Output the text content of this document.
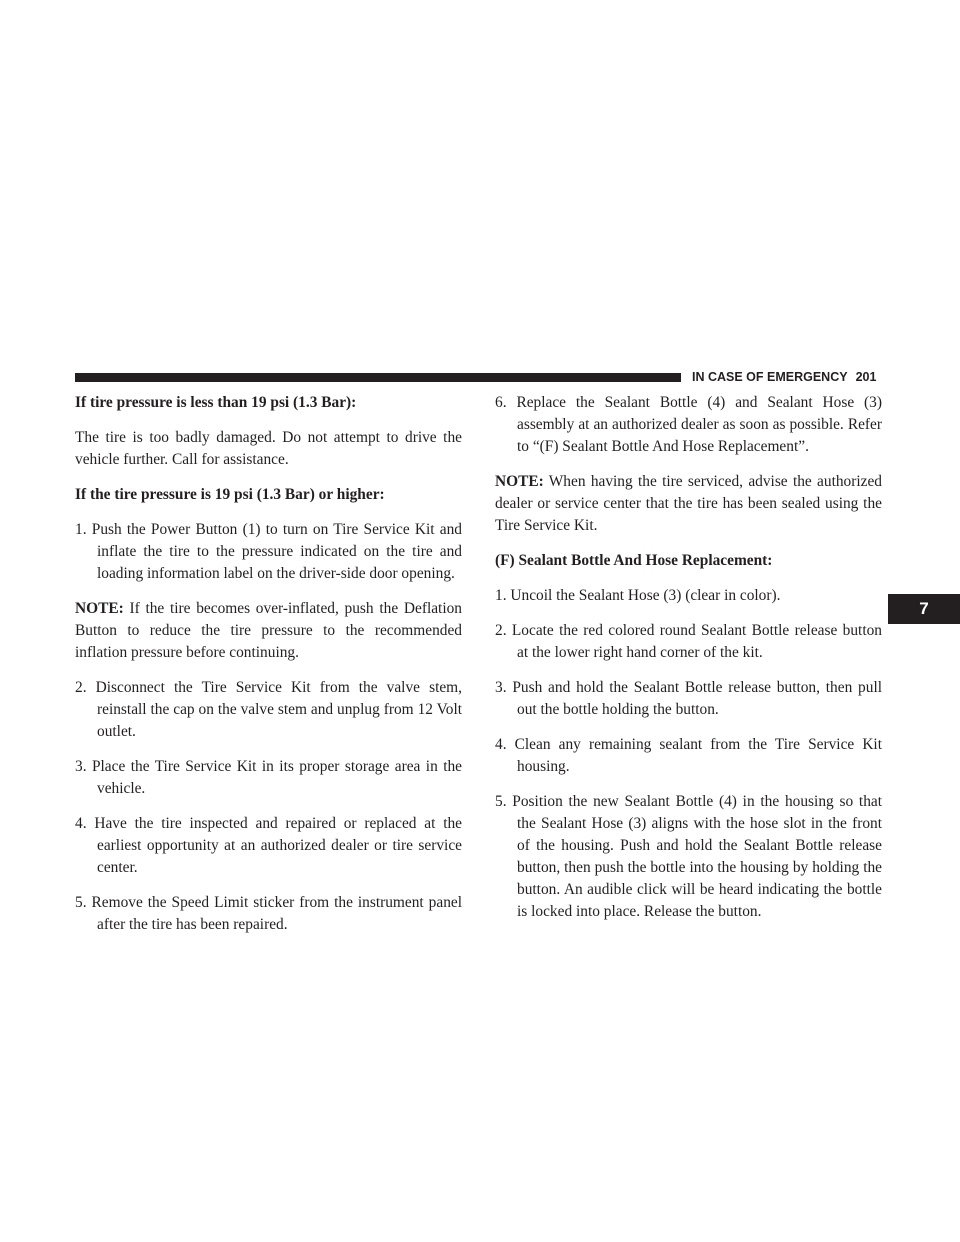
IN CASE OF EMERGENCY 201

If tire pressure is less than 19 psi (1.3 Bar):

The tire is too badly damaged. Do not attempt to drive the vehicle further. Call for assistance.

If the tire pressure is 19 psi (1.3 Bar) or higher:

1. Push the Power Button (1) to turn on Tire Service Kit and inflate the tire to the pressure indicated on the tire and loading information label on the driver-side door opening.

NOTE: If the tire becomes over-inflated, push the Deflation Button to reduce the tire pressure to the recommended inflation pressure before continuing.

2. Disconnect the Tire Service Kit from the valve stem, reinstall the cap on the valve stem and unplug from 12 Volt outlet.

3. Place the Tire Service Kit in its proper storage area in the vehicle.

4. Have the tire inspected and repaired or replaced at the earliest opportunity at an authorized dealer or tire service center.

5. Remove the Speed Limit sticker from the instrument panel after the tire has been repaired.

6. Replace the Sealant Bottle (4) and Sealant Hose (3) assembly at an authorized dealer as soon as possible. Refer to “(F) Sealant Bottle And Hose Replacement”.

NOTE: When having the tire serviced, advise the authorized dealer or service center that the tire has been sealed using the Tire Service Kit.

(F) Sealant Bottle And Hose Replacement:

1. Uncoil the Sealant Hose (3) (clear in color).

2. Locate the red colored round Sealant Bottle release button at the lower right hand corner of the kit.

3. Push and hold the Sealant Bottle release button, then pull out the bottle holding the button.

4. Clean any remaining sealant from the Tire Service Kit housing.

5. Position the new Sealant Bottle (4) in the housing so that the Sealant Hose (3) aligns with the hose slot in the front of the housing. Push and hold the Sealant Bottle release button, then push the bottle into the housing by holding the button. An audible click will be heard indicating the bottle is locked into place. Release the button.

7
